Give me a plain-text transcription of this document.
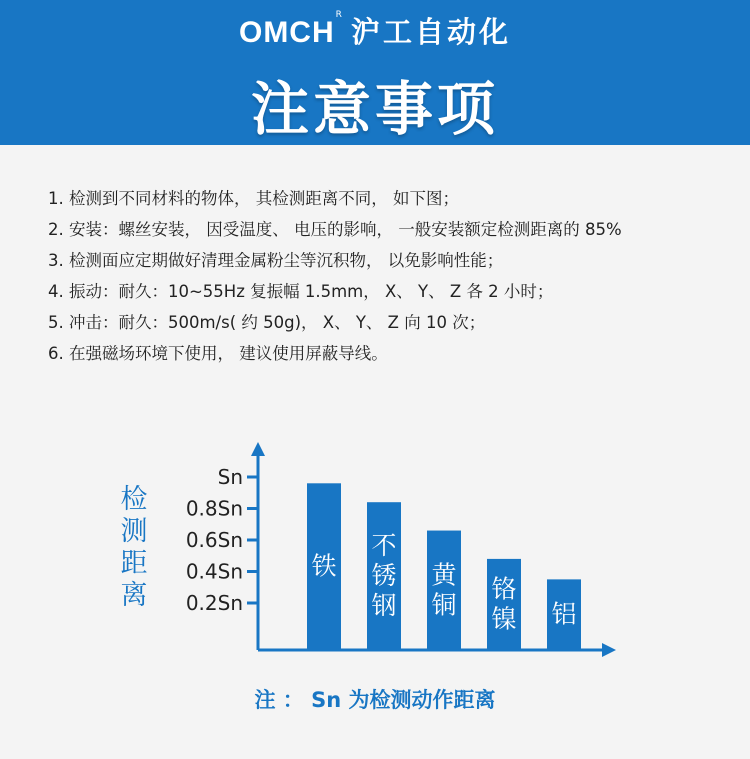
$OMCH^R$ 沪工自动化
注意事项
1. 检测到不同材料的物体， 其检测距离不同， 如下图；
2. 安装：螺丝安装， 因受温度、 电压的影响， 一般安装额定检测距离的 85%
3. 检测面应定期做好清理金属粉尘等沉积物， 以免影响性能；
4. 振动：耐久：10~55Hz 复振幅 1.5mm， X、 Y、 Z 各 2 小时；
5. 冲击：耐久：500m/s( 约 50g)， X、 Y、 Z 向 10 次；
6. 在强磁场环境下使用， 建议使用屏蔽导线。
Sn
0.8Sn
0.6Sn
0.4Sn
0.2Sn
检
测
距
离
铁
不
锈
钢
黄
铜
铬
镍 铝
注 ： Sn 为检测动作距离
